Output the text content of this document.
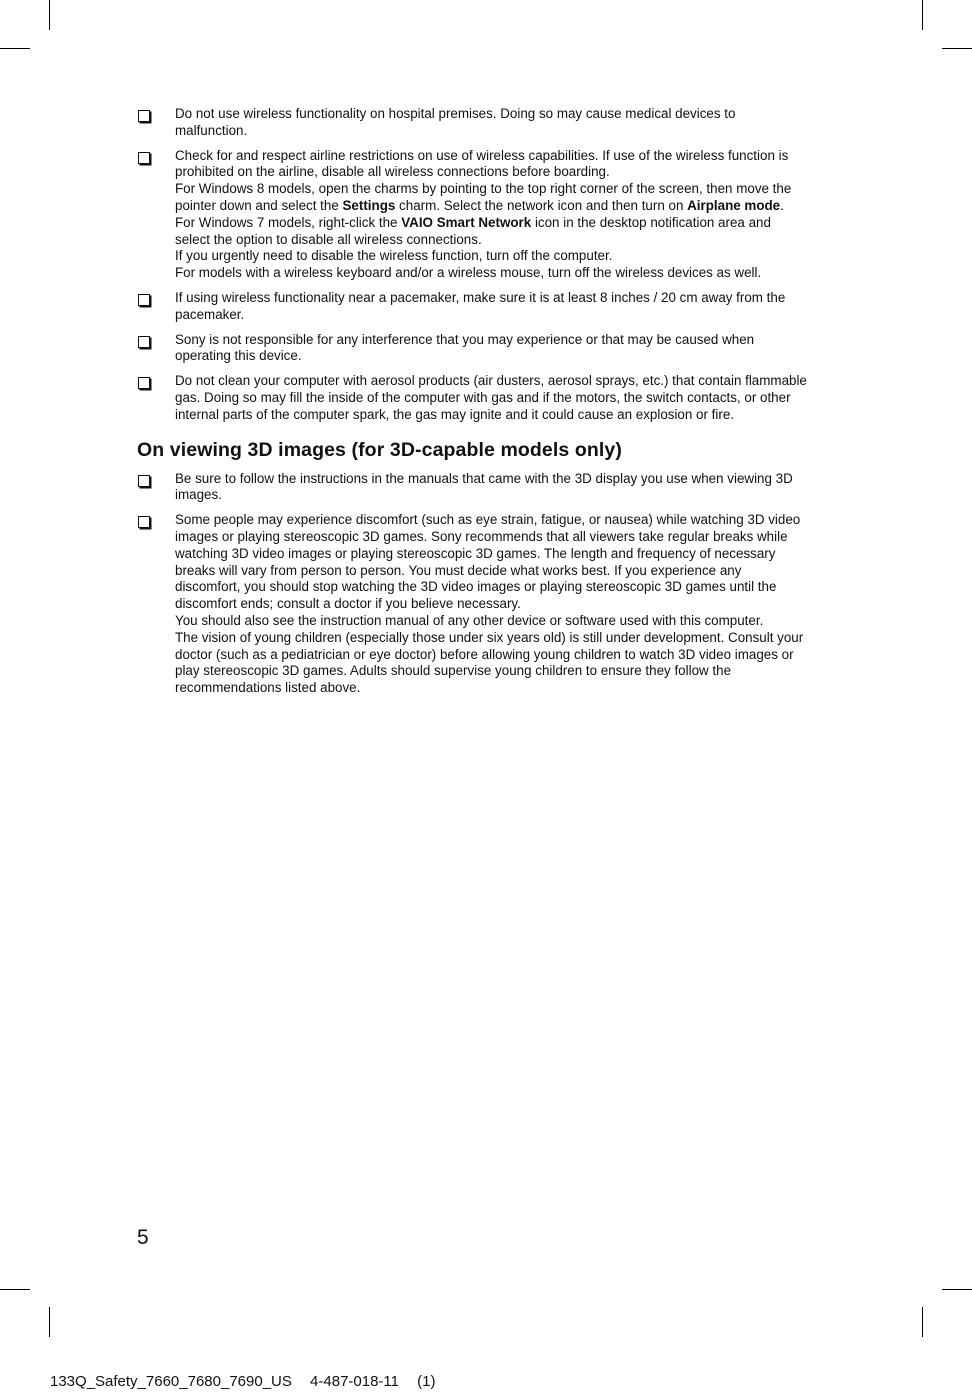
Do not use wireless functionality on hospital premises. Doing so may cause medical devices to malfunction.

Check for and respect airline restrictions on use of wireless capabilities. If use of the wireless function is prohibited on the airline, disable all wireless connections before boarding.

For Windows 8 models, open the charms by pointing to the top right corner of the screen, then move the pointer down and select the Settings charm. Select the network icon and then turn on Airplane mode.

For Windows 7 models, right-click the VAIO Smart Network icon in the desktop notification area and select the option to disable all wireless connections.

If you urgently need to disable the wireless function, turn off the computer.

For models with a wireless keyboard and/or a wireless mouse, turn off the wireless devices as well.

If using wireless functionality near a pacemaker, make sure it is at least 8 inches / 20 cm away from the pacemaker.

Sony is not responsible for any interference that you may experience or that may be caused when operating this device.

Do not clean your computer with aerosol products (air dusters, aerosol sprays, etc.) that contain flammable gas. Doing so may fill the inside of the computer with gas and if the motors, the switch contacts, or other internal parts of the computer spark, the gas may ignite and it could cause an explosion or fire.

On viewing 3D images (for 3D-capable models only)

Be sure to follow the instructions in the manuals that came with the 3D display you use when viewing 3D images.

Some people may experience discomfort (such as eye strain, fatigue, or nausea) while watching 3D video images or playing stereoscopic 3D games. Sony recommends that all viewers take regular breaks while watching 3D video images or playing stereoscopic 3D games. The length and frequency of necessary breaks will vary from person to person. You must decide what works best. If you experience any discomfort, you should stop watching the 3D video images or playing stereoscopic 3D games until the discomfort ends; consult a doctor if you believe necessary.

You should also see the instruction manual of any other device or software used with this computer.

The vision of young children (especially those under six years old) is still under development. Consult your doctor (such as a pediatrician or eye doctor) before allowing young children to watch 3D video images or play stereoscopic 3D games. Adults should supervise young children to ensure they follow the recommendations listed above.

5
133Q_Safety_7660_7680_7690_US 4-487-018-11 (1)
